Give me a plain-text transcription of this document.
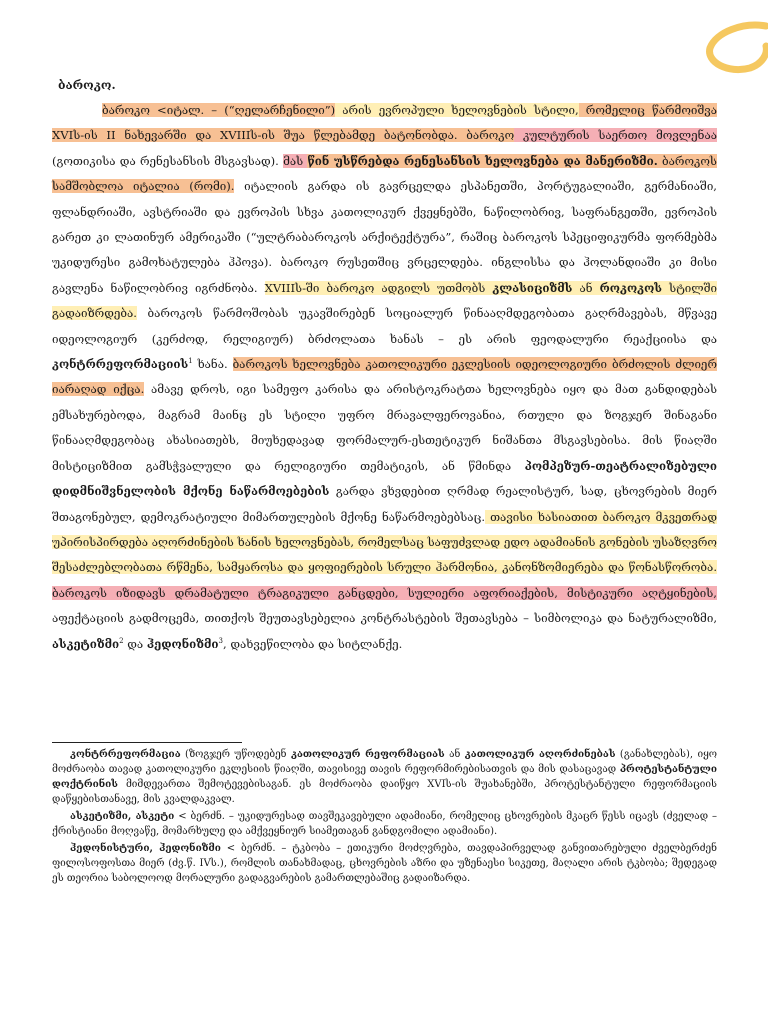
ბაროკო.
ბაროკო <იტალ. – (“ღელარჩენილი”) არის ევროპული ხელოვნების სტილი, რომელიც წარმოიშვა XVIს-ის II ნახევარში და XVIIIს-ის შუა წლებამდე ბატონობდა. ბაროკო კულტურის საერთო მოვლენაა (გოთიკისა და რენესანსის მსგავსად). მას წინ უსწრებდა რენესანსის ხელოვნება და მანერიზმი. ბაროკოს სამშობლოა იტალია (რომი). იტალიის გარდა ის გავრცელდა ესპანეთში, პორტუგალიაში, გერმანიაში, ფლანდრიაში, ავსტრიაში და ევროპის სხვა კათოლიკურ ქვეყნებში, ნაწილობრივ, საფრანგეთში, ევროპის გარეთ კი ლათინურ ამერიკაში (“ულტრაბაროკოს არქიტექტურა”, რაშიც ბაროკოს სპეციფიკურმა ფორმებმა უკიდურესი გამოხატულება ჰპოვა). ბაროკო რუსეთშიც ვრცელდება. ინგლისსა და ჰოლანდიაში კი მისი გავლენა ნაწილობრივ იგრძნობა. XVIIIს-ში ბაროკო ადგილს უთმობს კლასიციზმს ან როკოკოს სტილში გადაიზრდება. ბაროკოს წარმოშობას უკავშირებენ სოციალურ წინააღმდეგობათა გაღრმავებას, მწვავე იდეოლოგიურ (კერძოდ, რელიგიურ) ბრძოლათა ხანას – ეს არის ფეოდალური რეაქციისა და კონტრრეფორმაციის$^1$ ხანა. ბაროკოს ხელოვნება კათოლიკური ეკლესიის იდეოლოგიური ბრძოლის ძლიერ იარაღად იქცა. ამავე დროს, იგი სამეფო კარისა და არისტოკრატთა ხელოვნება იყო და მათ განდიდებას ემსახურებოდა, მაგრამ მაინც ეს სტილი უფრო მრავალფეროვანია, რთული და ზოგჯერ შინაგანი წინააღმდეგობაც ახასიათებს, მიუხედავად ფორმალურ-ესთეტიკურ ნიშანთა მსგავსებისა. მის წიაღში მისტიციზმით გამსჭვალული და რელიგიური თემატიკის, ან წმინდა პომპეზურ-თეატრალიზებული დიდმნიშვნელობის მქონე ნაწარმოებების გარდა ვხვდებით ღრმად რეალისტურ, სად, ცხოვრების მიერ შთაგონებულ, დემოკრატიული მიმართულების მქონე ნაწარმოებებსაც. თავისი ხასიათით ბაროკო მკვეთრად უპირისპირდება აღორძინების ხანის ხელოვნებას, რომელსაც საფუძვლად ედო ადამიანის გონების უსაზღვრო შესაძლებლობათა რწმენა, სამყაროსა და ყოფიერების სრული ჰარმონია, კანონზომიერება და წონასწორობა. ბაროკოს იზიდავს დრამატული ტრაგიკული განცდები, სულიერი აფორიაქების, მისტიკური აღტყინების, აფექტაციის გადმოცემა, თითქოს შეუთავსებელია კონტრასტების შეთავსება – სიმბოლიკა და ნატურალიზმი, ასკეტიზმი$^2$ და ჰედონიზმი$^3$, დახვეწილობა და სიტლანქე.

კონტრრეფორმაცია (ზოგჯერ უწოდებენ კათოლიკურ რეფორმაციას ან კათოლიკურ აღორძინებას (განახლებას), იყო მოძრაობა თავად კათოლიკური ეკლესიის წიაღში, თავისივე თავის რეფორმირებისათვის და მის დასაცავად პროტესტანტული დოქტრინის მიმდევართა შემოტევებისაგან. ეს მოძრაობა დაიწყო XVIს-ის შუახანებში, პროტესტანტული რეფორმაციის დაწყებისთანავე, მის კვალდაკვალ.

ასკეტიზმი, ასკეტი < ბერძნ. – უკიდურესად თავშეკავებული ადამიანი, რომელიც ცხოვრების მკაცრ წესს იცავს (ძველად – ქრისტიანი მოღვაწე, მომარხულე და ამქვეყნიურ სიამეთაგან განდგომილი ადამიანი).

ჰედონისტური, ჰედონიზმი < ბერძნ. – ტკბობა – ეთიკური მოძღვრება, თავდაპირველად განვითარებული ძველბერძენ ფილოსოფოსთა მიერ (ძვ.წ. IVს.), რომლის თანახმადაც, ცხოვრების აზრი და უზენაესი სიკეთე, მაღალი არის ტკბობა; შედეგად ეს თეორია საბოლოოდ მორალური გადაგვარების გამართლებაშიც გადაიზარდა.
